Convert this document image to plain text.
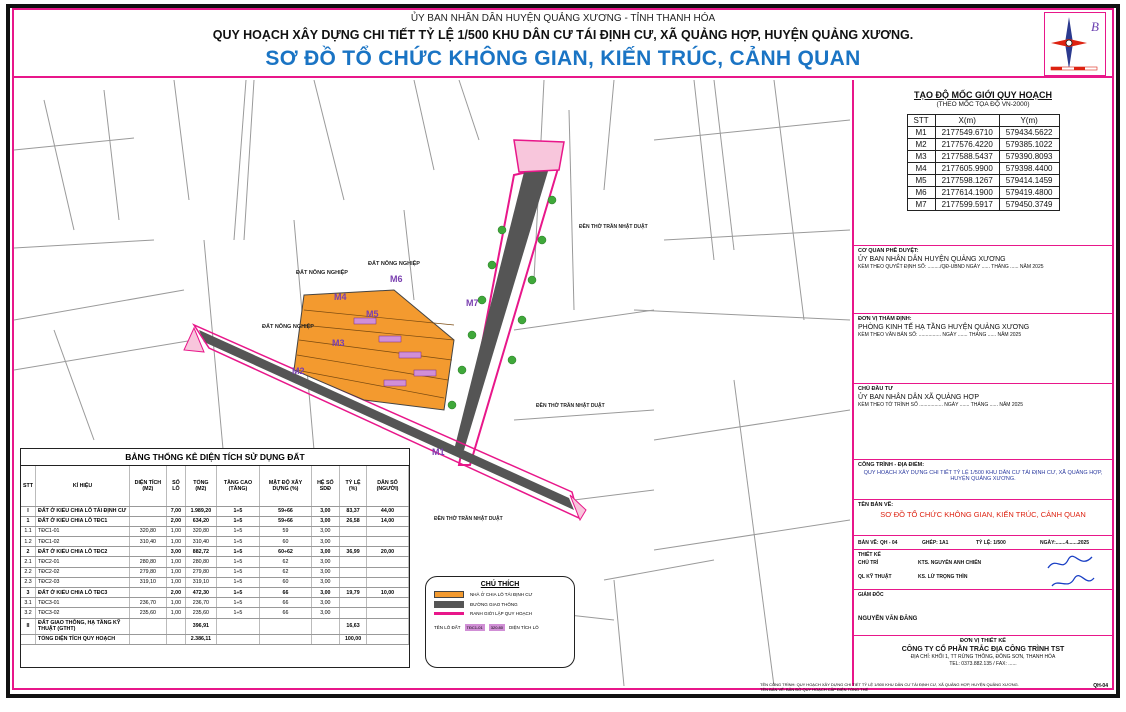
ỦY BAN NHÂN DÂN HUYỆN QUẢNG XƯƠNG - TỈNH THANH HÓA
QUY HOẠCH XÂY DỰNG CHI TIẾT TỶ LỆ 1/500 KHU DÂN CƯ TÁI ĐỊNH CƯ, XÃ QUẢNG HỢP, HUYỆN QUẢNG XƯƠNG.
SƠ ĐỒ TỔ CHỨC KHÔNG GIAN, KIẾN TRÚC, CẢNH QUAN
B
ĐẤT NÔNG NGHIỆP
ĐẤT NÔNG NGHIỆP
ĐẤT NÔNG NGHIỆP
ĐỀN THỜ TRẦN NHẬT DUẬT
ĐỀN THỜ TRẦN NHẬT DUẬT
ĐỀN THỜ TRẦN NHẬT DUẬT
M1
M2
M3
M4
M5
M6
M7
BẢNG THỐNG KÊ DIỆN TÍCH SỬ DỤNG ĐẤT
STT	KÍ HIỆU	DIỆN TÍCH (M2)	SỐ LÔ	TỔNG (M2)	TẦNG CAO (TẦNG)	MẬT ĐỘ XÂY DỰNG (%)	HỆ SỐ SDĐ	TỶ LỆ (%)	DÂN SỐ (NGƯỜI)
I	ĐẤT Ở KIỂU CHIA LÔ TÁI ĐỊNH CƯ		7,00	1.989,20	1÷5	59÷66	3,00	83,37	44,00
1	ĐẤT Ở KIỂU CHIA LÔ TĐC1		2,00	634,20	1÷5	59÷66	3,00	26,58	14,00
1.1	TĐC1-01	320,80	1,00	320,80	1÷5	59	3,00		
1.2	TĐC1-02	310,40	1,00	310,40	1÷5	60	3,00		
2	ĐẤT Ở KIỂU CHIA LÔ TĐC2		3,00	882,72	1÷5	60÷62	3,00	36,99	20,00
2.1	TĐC2-01	280,80	1,00	280,80	1÷5	62	3,00		
2.2	TĐC2-02	279,80	1,00	279,80	1÷5	62	3,00		
2.3	TĐC2-03	319,10	1,00	319,10	1÷5	60	3,00		
3	ĐẤT Ở KIỂU CHIA LÔ TĐC3		2,00	472,30	1÷5	66	3,00	19,79	10,00
3.1	TĐC3-01	236,70	1,00	236,70	1÷5	66	3,00		
3.2	TĐC3-02	235,60	1,00	235,60	1÷5	66	3,00		
II	ĐẤT GIAO THÔNG, HẠ TẦNG KỸ THUẬT (GTHT)			396,91				16,63	
	TỔNG DIỆN TÍCH QUY HOẠCH			2.386,11				100,00	
CHÚ THÍCH
NHÀ Ở CHIA LÔ TÁI ĐỊNH CƯ
ĐƯỜNG GIAO THÔNG
RANH GIỚI LẬP QUY HOẠCH
TÊN LÔ ĐẤT	TĐC1-01	320.80	DIỆN TÍCH LÔ
TẠO ĐỘ MỐC GIỚI QUY HOẠCH
(THEO MỐC TỌA ĐỘ VN-2000)
STT	X(m)	Y(m)
M1	2177549.6710	579434.5622
M2	2177576.4220	579385.1022
M3	2177588.5437	579390.8093
M4	2177605.9900	579398.4400
M5	2177598.1267	579414.1459
M6	2177614.1900	579419.4800
M7	2177599.5917	579450.3749
CƠ QUAN PHÊ DUYỆT:
ỦY BAN NHÂN DÂN HUYỆN QUẢNG XƯƠNG
KÈM THEO QUYẾT ĐỊNH SỐ: ........./QĐ-UBND NGÀY ...... THÁNG ...... NĂM 2025
ĐƠN VỊ THẨM ĐỊNH:
PHÒNG KINH TẾ HẠ TẦNG HUYỆN QUẢNG XƯƠNG
KÈM THEO VĂN BẢN SỐ: ................ NGÀY ....... THÁNG ...... NĂM 2025
CHỦ ĐẦU TƯ
ỦY BAN NHÂN DÂN XÃ QUẢNG HỢP
KÈM THEO TỜ TRÌNH SỐ ................. NGÀY ....... THÁNG ...... NĂM 2025
CÔNG TRÌNH - ĐỊA ĐIỂM:
QUY HOẠCH XÂY DỰNG CHI TIẾT TỶ LỆ 1/500 KHU DÂN CƯ TÁI ĐỊNH CƯ, XÃ QUẢNG HỢP, HUYỆN QUẢNG XƯƠNG.
TÊN BẢN VẼ:
SƠ ĐỒ TỔ CHỨC KHÔNG GIAN, KIẾN TRÚC, CẢNH QUAN
BẢN VẼ: QH - 04	GHÉP: 1A1	TỶ LỆ: 1/500	NGÀY:.......4.......2025
THIẾT KẾ
CHỦ TRÌ	KTS. NGUYỄN ANH CHIẾN
QL KỸ THUẬT	KS. LỪ TRỌNG THÌN
GIÁM ĐỐC
NGUYỄN VĂN ĐĂNG
ĐƠN VỊ THIẾT KẾ
CÔNG TY CỔ PHẦN TRẮC ĐỊA CÔNG TRÌNH TST
ĐỊA CHỈ: KHỐI 1, TT RỪNG THÔNG, ĐÔNG SƠN, THANH HÓA
TEL: 0373.882.135 / FAX: ......
TÊN CÔNG TRÌNH: QUY HOẠCH XÂY DỰNG CHI TIẾT TỶ LỆ 1/500 KHU DÂN CƯ TÁI ĐỊNH CƯ, XÃ QUẢNG HỢP, HUYỆN QUẢNG XƯƠNG.
TÊN BẢN VẼ: BẢN ĐỒ QUY HOẠCH CẤP ĐIỆN TỔNG THỂ
QH-04
